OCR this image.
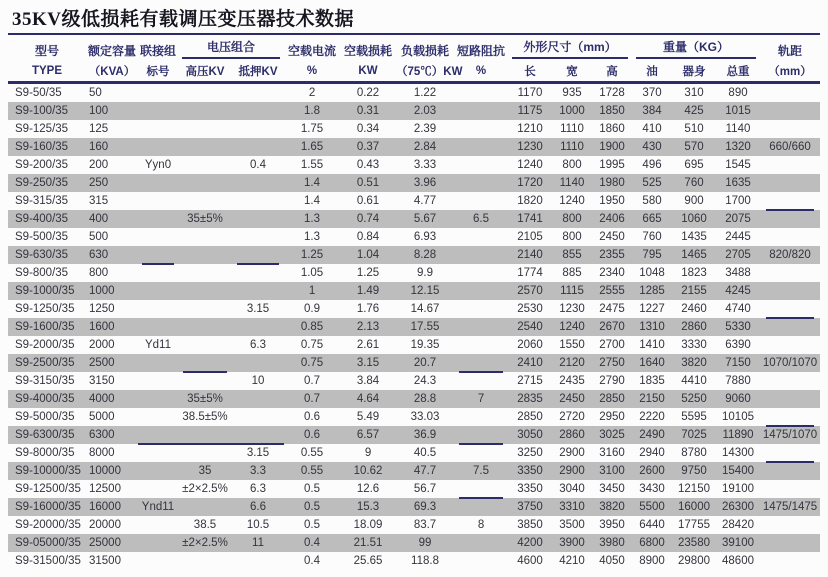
35KV级低损耗有载调压变压器技术数据
型号	额定容量	联接组	电压组合		空载电流	空载损耗	负载损耗	短路阻抗	外形尺寸（mm）			重量（KG）			轨距
TYPE	（KVA）	标号	高压KV	抵押KV	%	KW	（75℃）KW	%	长	宽	高	油	器身	总重	（mm）
S9-50/35	50				2	0.22	1.22		1170	935	1728	370	310	890	
S9-100/35	100				1.8	0.31	2.03		1175	1000	1850	384	425	1015	
S9-125/35	125				1.75	0.34	2.39		1210	1110	1860	410	510	1140	
S9-160/35	160				1.65	0.37	2.84		1230	1110	1900	430	570	1320	660/660
S9-200/35	200	Yyn0		0.4	1.55	0.43	3.33		1240	800	1995	496	695	1545	
S9-250/35	250				1.4	0.51	3.96		1720	1140	1980	525	760	1635	
S9-315/35	315				1.4	0.61	4.77		1820	1240	1950	580	900	1700	
S9-400/35	400		35±5%		1.3	0.74	5.67	6.5	1741	800	2406	665	1060	2075	
S9-500/35	500				1.3	0.84	6.93		2105	800	2450	760	1435	2445	
S9-630/35	630				1.25	1.04	8.28		2140	855	2355	795	1465	2705	820/820
S9-800/35	800				1.05	1.25	9.9		1774	885	2340	1048	1823	3488	
S9-1000/35	1000				1	1.49	12.15		2570	1115	2555	1285	2155	4245	
S9-1250/35	1250			3.15	0.9	1.76	14.67		2530	1230	2475	1227	2460	4740	
S9-1600/35	1600				0.85	2.13	17.55		2540	1240	2670	1310	2860	5330	
S9-2000/35	2000	Yd11		6.3	0.75	2.61	19.35		2060	1550	2700	1410	3330	6390	
S9-2500/35	2500				0.75	3.15	20.7		2410	2120	2750	1640	3820	7150	1070/1070
S9-3150/35	3150			10	0.7	3.84	24.3		2715	2435	2790	1835	4410	7880	
S9-4000/35	4000		35±5%		0.7	4.64	28.8	7	2835	2450	2850	2150	5250	9060	
S9-5000/35	5000		38.5±5%		0.6	5.49	33.03		2850	2720	2950	2220	5595	10105	
S9-6300/35	6300				0.6	6.57	36.9		3050	2860	3025	2490	7025	11890	1475/1070
S9-8000/35	8000			3.15	0.55	9	40.5		3250	2900	3160	2940	8780	14300	
S9-10000/35	10000		35	3.3	0.55	10.62	47.7	7.5	3350	2900	3100	2600	9750	15400	
S9-12500/35	12500		±2×2.5%	6.3	0.5	12.6	56.7		3350	3040	3450	3430	12150	19100	
S9-16000/35	16000	Ynd11		6.6	0.5	15.3	69.3		3750	3310	3820	5500	16000	26300	1475/1475
S9-20000/35	20000		38.5	10.5	0.5	18.09	83.7	8	3850	3500	3950	6440	17755	28420	
S9-05000/35	25000		±2×2.5%	11	0.4	21.51	99		4200	3900	3980	6800	23580	39100	
S9-31500/35	31500				0.4	25.65	118.8		4600	4210	4050	8900	29800	48600	
